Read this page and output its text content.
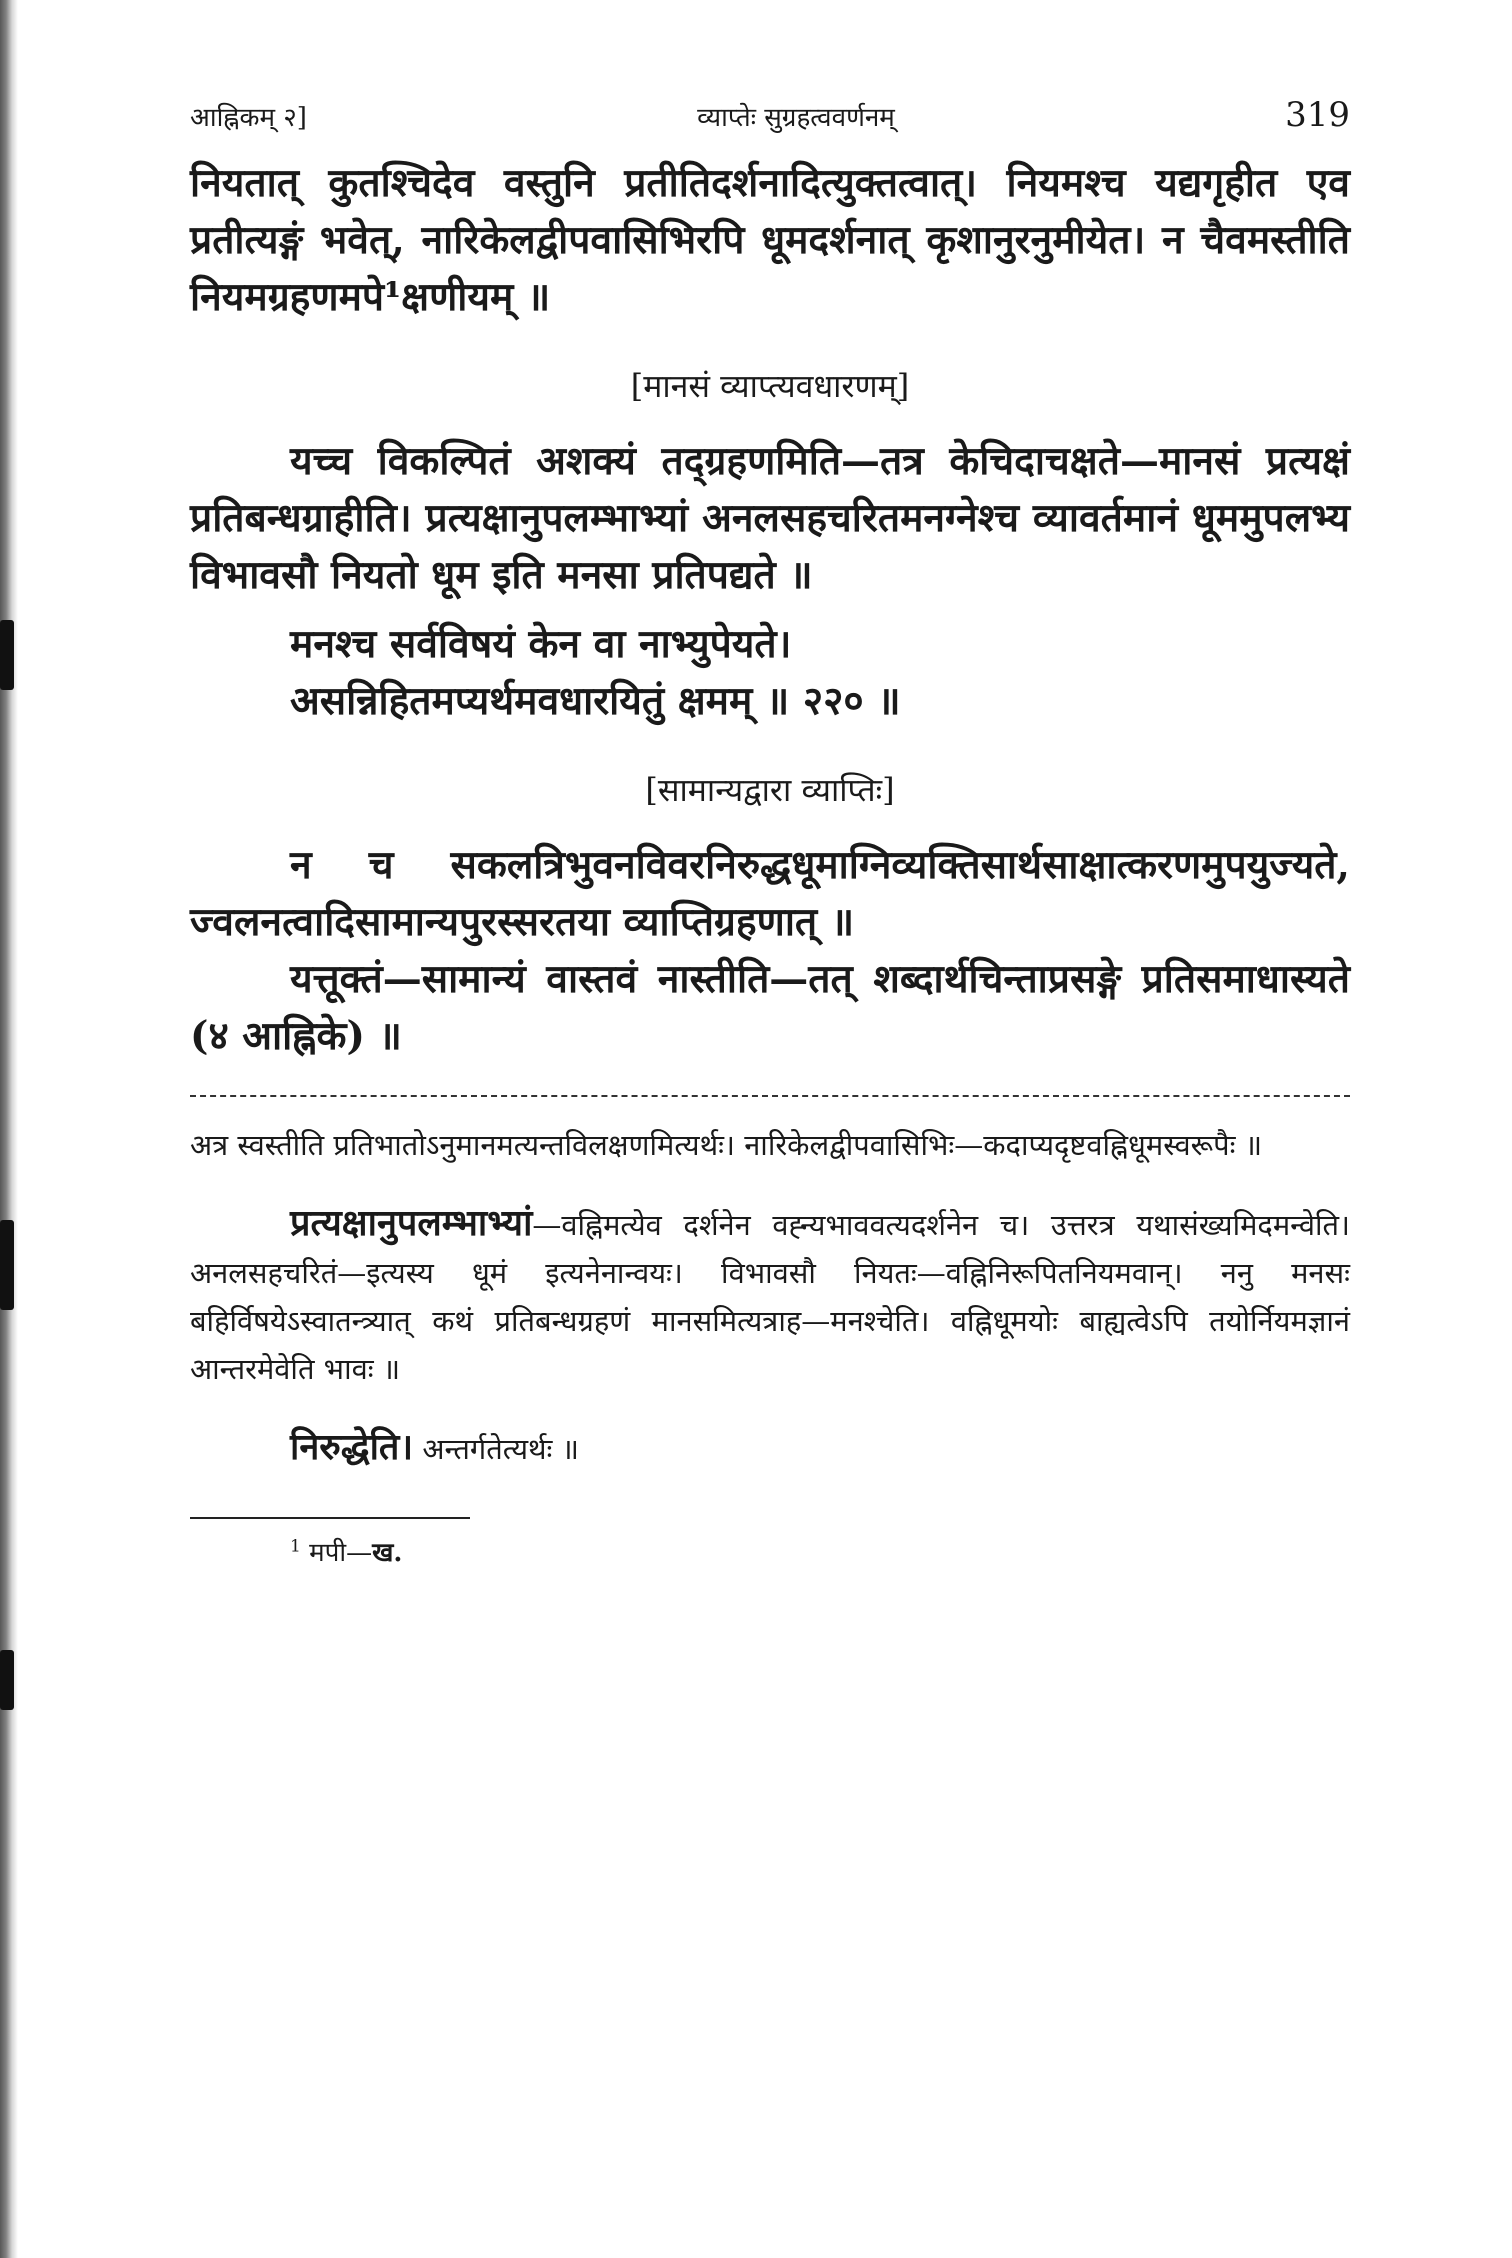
आह्निकम् २]	व्याप्तेः सुग्रहत्ववर्णनम्	319

नियतात् कुतश्चिदेव वस्तुनि प्रतीतिदर्शनादित्युक्तत्वात्। नियमश्च यद्यगृहीत एव प्रतीत्यङ्गं भवेत्, नारिकेलद्वीपवासिभिरपि धूमदर्शनात् कृशानुरनुमीयेत। न चैवमस्तीति नियमग्रहणमपे¹क्षणीयम् ॥

[मानसं व्याप्त्यवधारणम्]

यच्च विकल्पितं अशक्यं तद्ग्रहणमिति—तत्र केचिदाचक्षते—मानसं प्रत्यक्षं प्रतिबन्धग्राहीति। प्रत्यक्षानुपलम्भाभ्यां अनलसहचरितमनग्नेश्च व्यावर्तमानं धूममुपलभ्य विभावसौ नियतो धूम इति मनसा प्रतिपद्यते ॥

मनश्च सर्वविषयं केन वा नाभ्युपेयते।

असन्निहितमप्यर्थमवधारयितुं क्षमम् ॥ २२० ॥

[सामान्यद्वारा व्याप्तिः]

न च सकलत्रिभुवनविवरनिरुद्धधूमाग्निव्यक्तिसार्थसाक्षात्करणमुपयुज्यते, ज्वलनत्वादिसामान्यपुरस्सरतया व्याप्तिग्रहणात् ॥

यत्तूक्तं—सामान्यं वास्तवं नास्तीति—तत् शब्दार्थचिन्ताप्रसङ्गे प्रतिसमाधास्यते (४ आह्निके) ॥

अत्र स्वस्तीति प्रतिभातोऽनुमानमत्यन्तविलक्षणमित्यर्थः। नारिकेलद्वीपवासिभिः—कदाप्यदृष्टवह्निधूमस्वरूपैः ॥

प्रत्यक्षानुपलम्भाभ्यां—वह्निमत्येव दर्शनेन वह्न्यभाववत्यदर्शनेन च। उत्तरत्र यथासंख्यमिदमन्वेति। अनलसहचरितं—इत्यस्य धूमं इत्यनेनान्वयः। विभावसौ नियतः—वह्निनिरूपितनियमवान्। ननु मनसः बहिर्विषयेऽस्वातन्त्र्यात् कथं प्रतिबन्धग्रहणं मानसमित्यत्राह—मनश्चेति। वह्निधूमयोः बाह्यत्वेऽपि तयोर्नियमज्ञानं आन्तरमेवेति भावः ॥

निरुद्धेति। अन्तर्गतेत्यर्थः ॥

$^1$ मपी—ख.
